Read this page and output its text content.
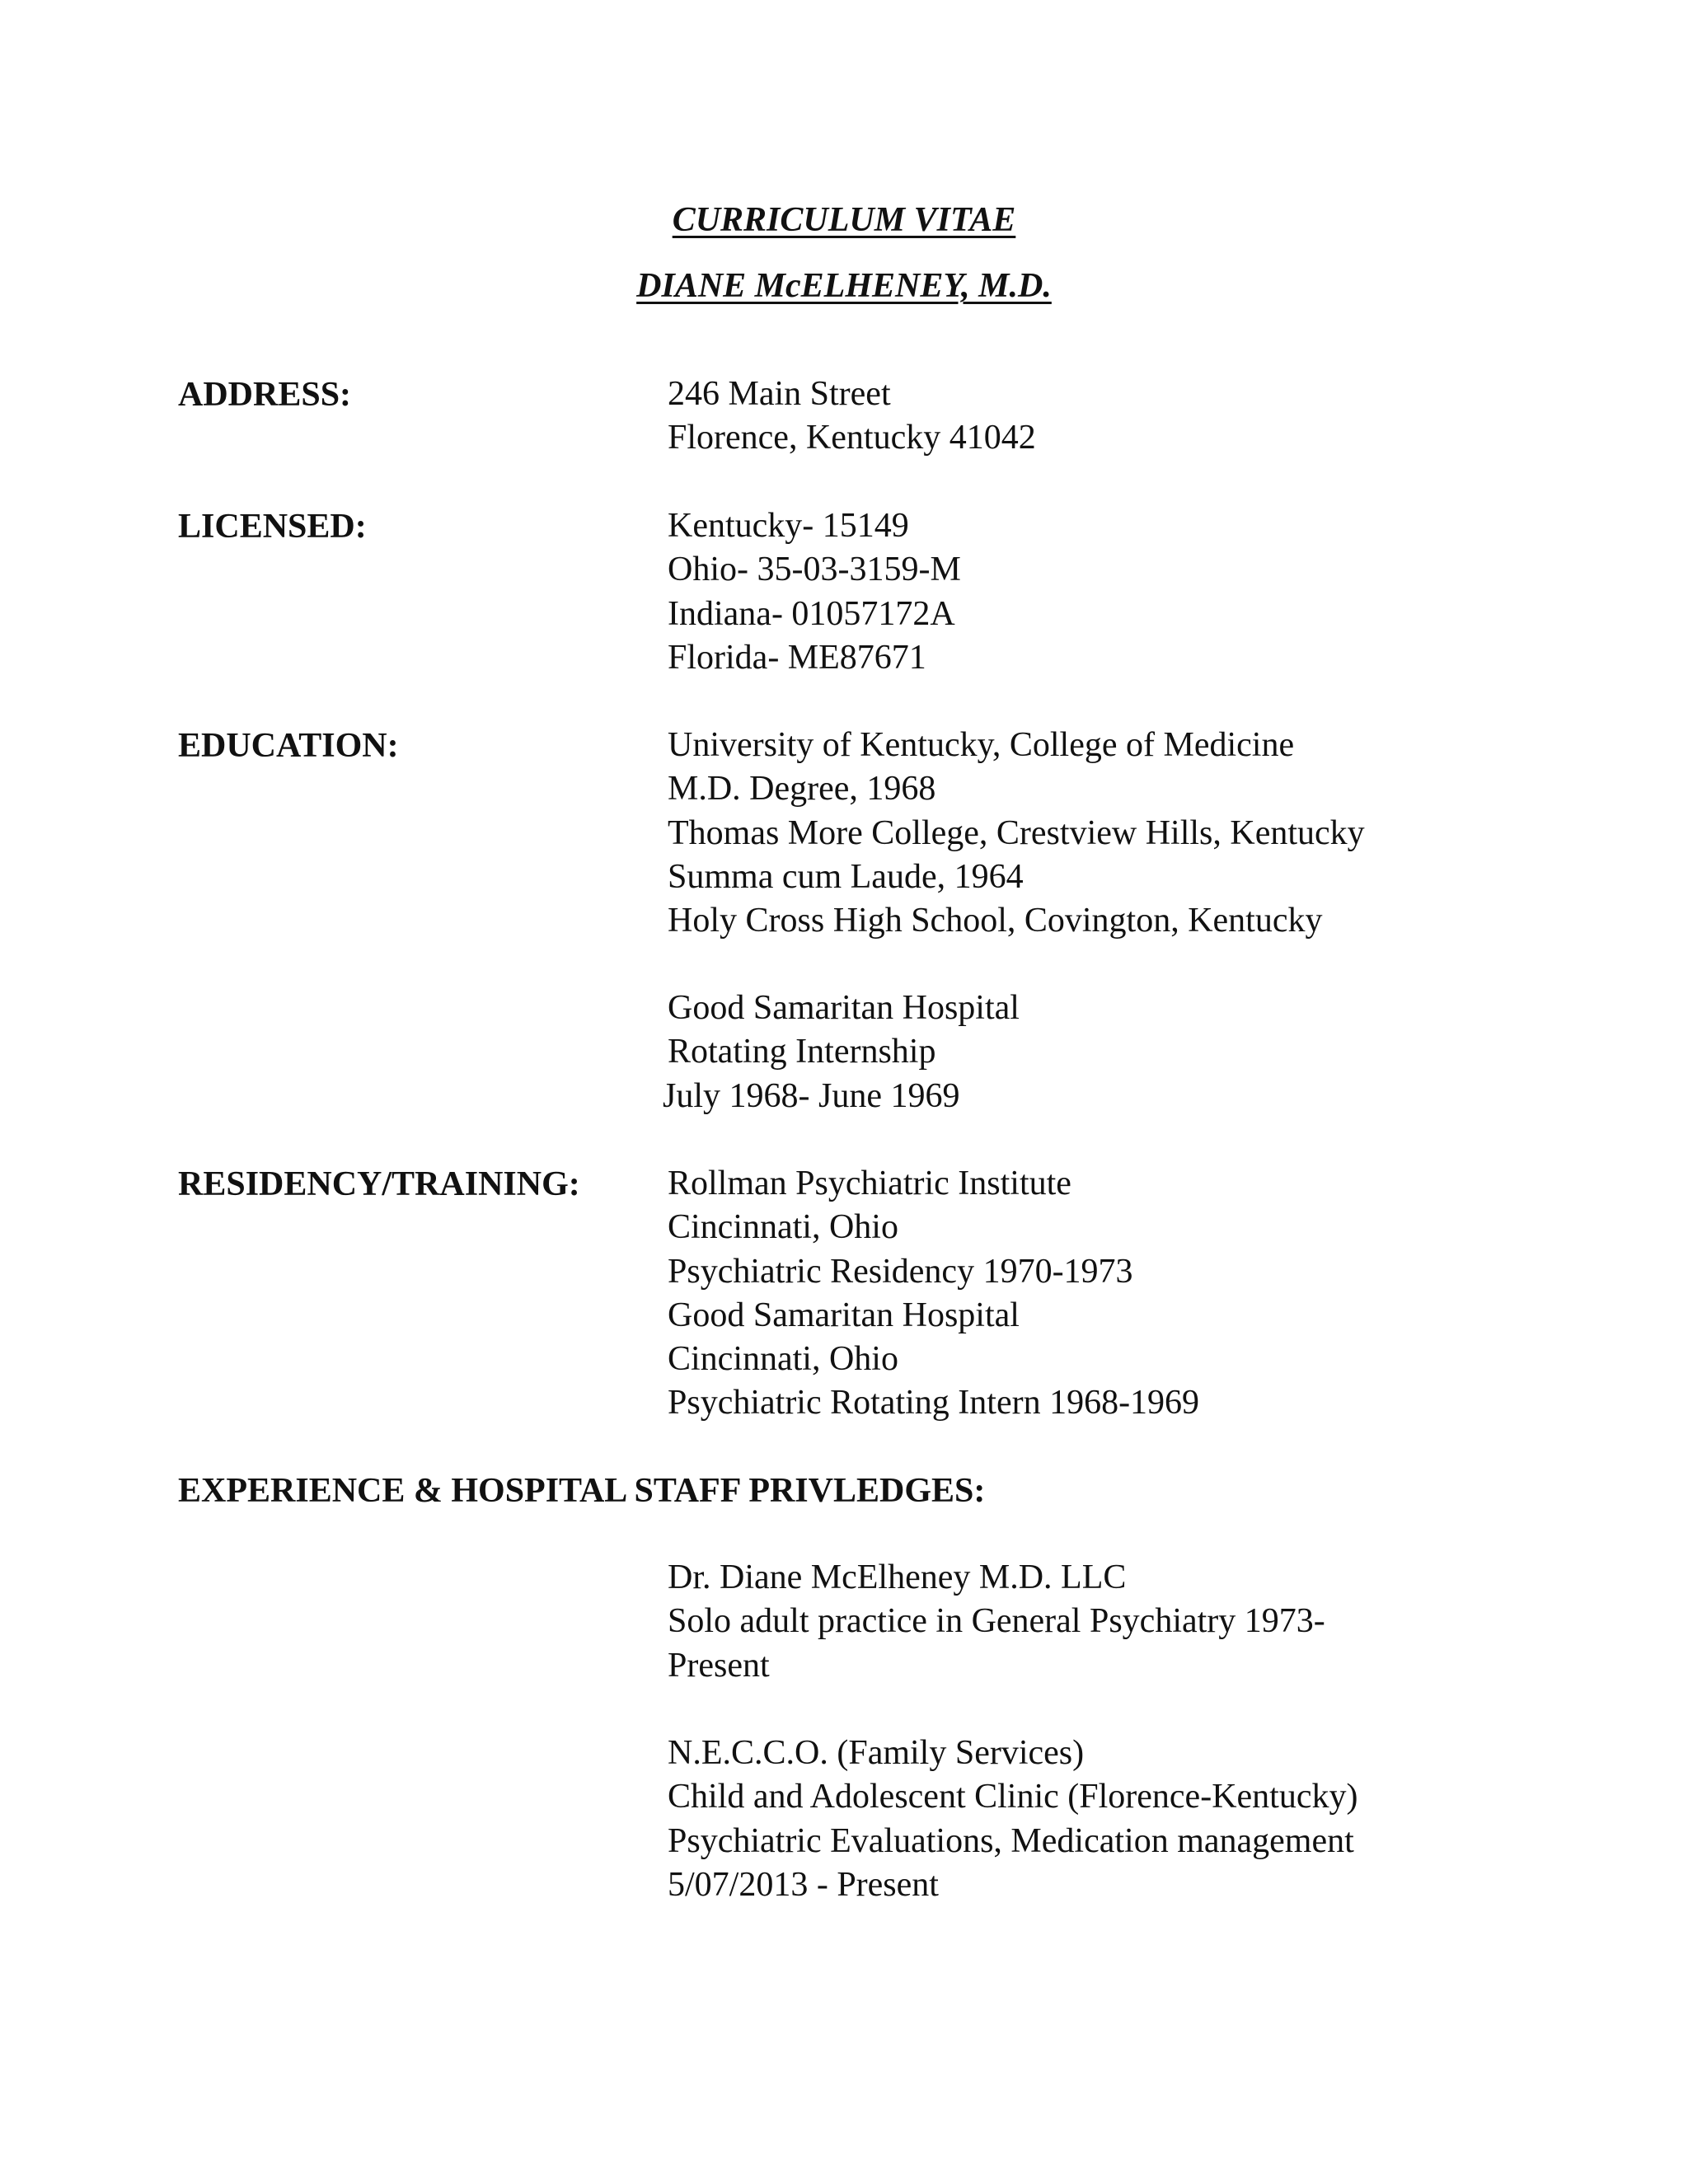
CURRICULUM VITAE
DIANE McELHENEY, M.D.
ADDRESS:	246 Main Street
Florence, Kentucky 41042
LICENSED:	Kentucky- 15149
Ohio- 35-03-3159-M
Indiana- 01057172A
Florida- ME87671
EDUCATION:	University of Kentucky, College of Medicine
M.D. Degree, 1968
Thomas More College, Crestview Hills, Kentucky
Summa cum Laude, 1964
Holy Cross High School, Covington, Kentucky
Good Samaritan Hospital
Rotating Internship
July 1968- June 1969
RESIDENCY/TRAINING:	Rollman Psychiatric Institute
Cincinnati, Ohio
Psychiatric Residency 1970-1973
Good Samaritan Hospital
Cincinnati, Ohio
Psychiatric Rotating Intern 1968-1969
EXPERIENCE & HOSPITAL STAFF PRIVLEDGES:
Dr. Diane McElheney M.D. LLC
Solo adult practice in General Psychiatry 1973-
Present
N.E.C.C.O. (Family Services)
Child and Adolescent Clinic (Florence-Kentucky)
Psychiatric Evaluations, Medication management
5/07/2013 - Present
